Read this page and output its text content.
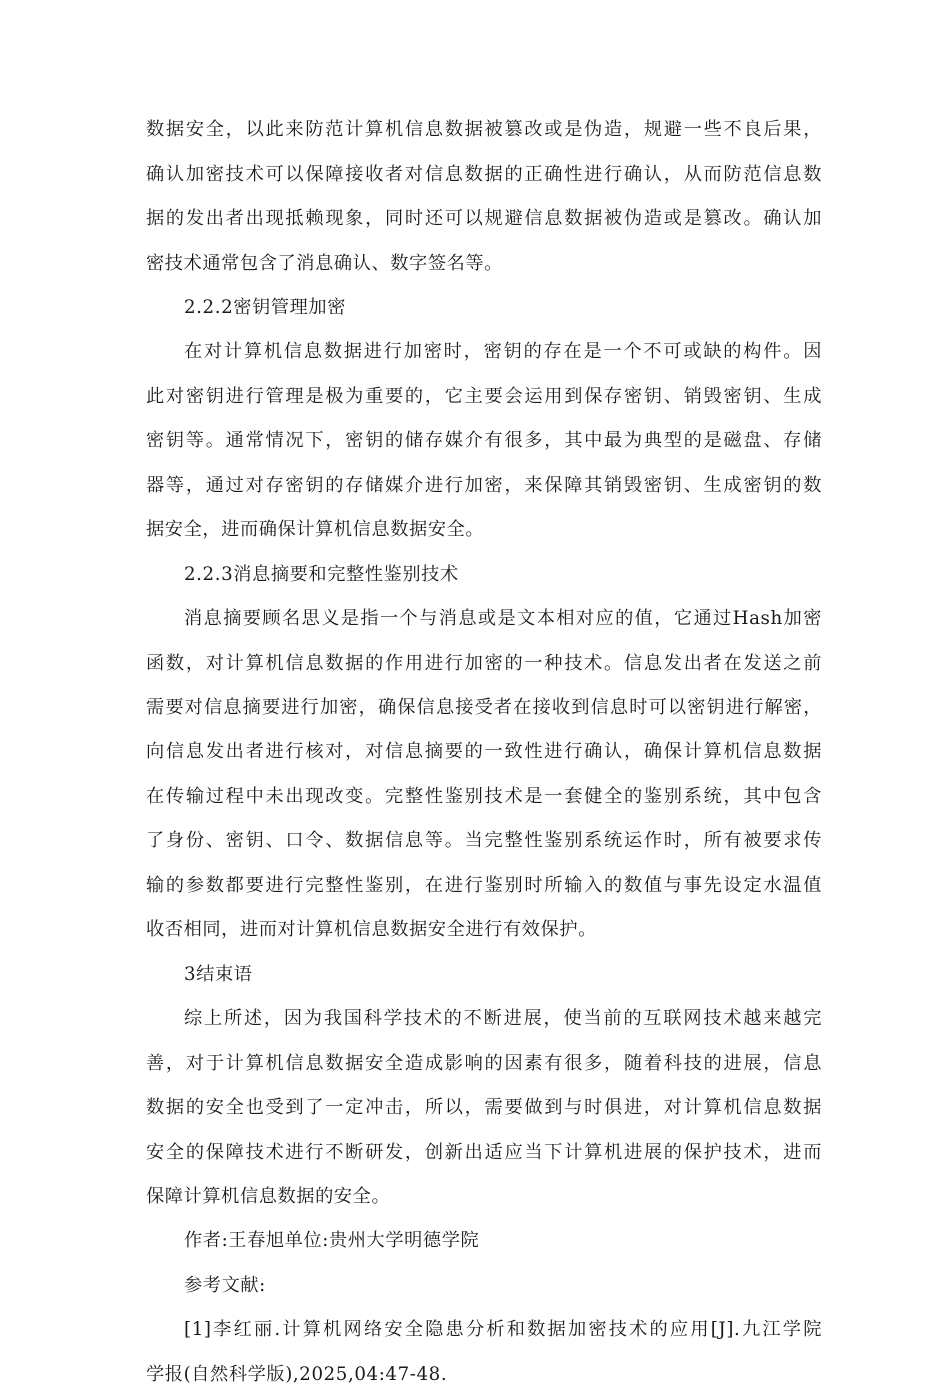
数据安全，以此来防范计算机信息数据被篡改或是伪造，规避一些不良后果，
确认加密技术可以保障接收者对信息数据的正确性进行确认，从而防范信息数
据的发出者出现抵赖现象，同时还可以规避信息数据被伪造或是篡改。确认加
密技术通常包含了消息确认、数字签名等。
2.2.2密钥管理加密
在对计算机信息数据进行加密时，密钥的存在是一个不可或缺的构件。因
此对密钥进行管理是极为重要的，它主要会运用到保存密钥、销毁密钥、生成
密钥等。通常情况下，密钥的储存媒介有很多，其中最为典型的是磁盘、存储
器等，通过对存密钥的存储媒介进行加密，来保障其销毁密钥、生成密钥的数
据安全，进而确保计算机信息数据安全。
2.2.3消息摘要和完整性鉴别技术
消息摘要顾名思义是指一个与消息或是文本相对应的值，它通过Hash加密
函数，对计算机信息数据的作用进行加密的一种技术。信息发出者在发送之前
需要对信息摘要进行加密，确保信息接受者在接收到信息时可以密钥进行解密，
向信息发出者进行核对，对信息摘要的一致性进行确认，确保计算机信息数据
在传输过程中未出现改变。完整性鉴别技术是一套健全的鉴别系统，其中包含
了身份、密钥、口令、数据信息等。当完整性鉴别系统运作时，所有被要求传
输的参数都要进行完整性鉴别，在进行鉴别时所输入的数值与事先设定水温值
收否相同，进而对计算机信息数据安全进行有效保护。
3结束语
综上所述，因为我国科学技术的不断进展，使当前的互联网技术越来越完
善，对于计算机信息数据安全造成影响的因素有很多，随着科技的进展，信息
数据的安全也受到了一定冲击，所以，需要做到与时俱进，对计算机信息数据
安全的保障技术进行不断研发，创新出适应当下计算机进展的保护技术，进而
保障计算机信息数据的安全。
作者:王春旭单位:贵州大学明德学院
参考文献:
[1]李红丽.计算机网络安全隐患分析和数据加密技术的应用[J].九江学院
学报(自然科学版),2025,04:47-48.
